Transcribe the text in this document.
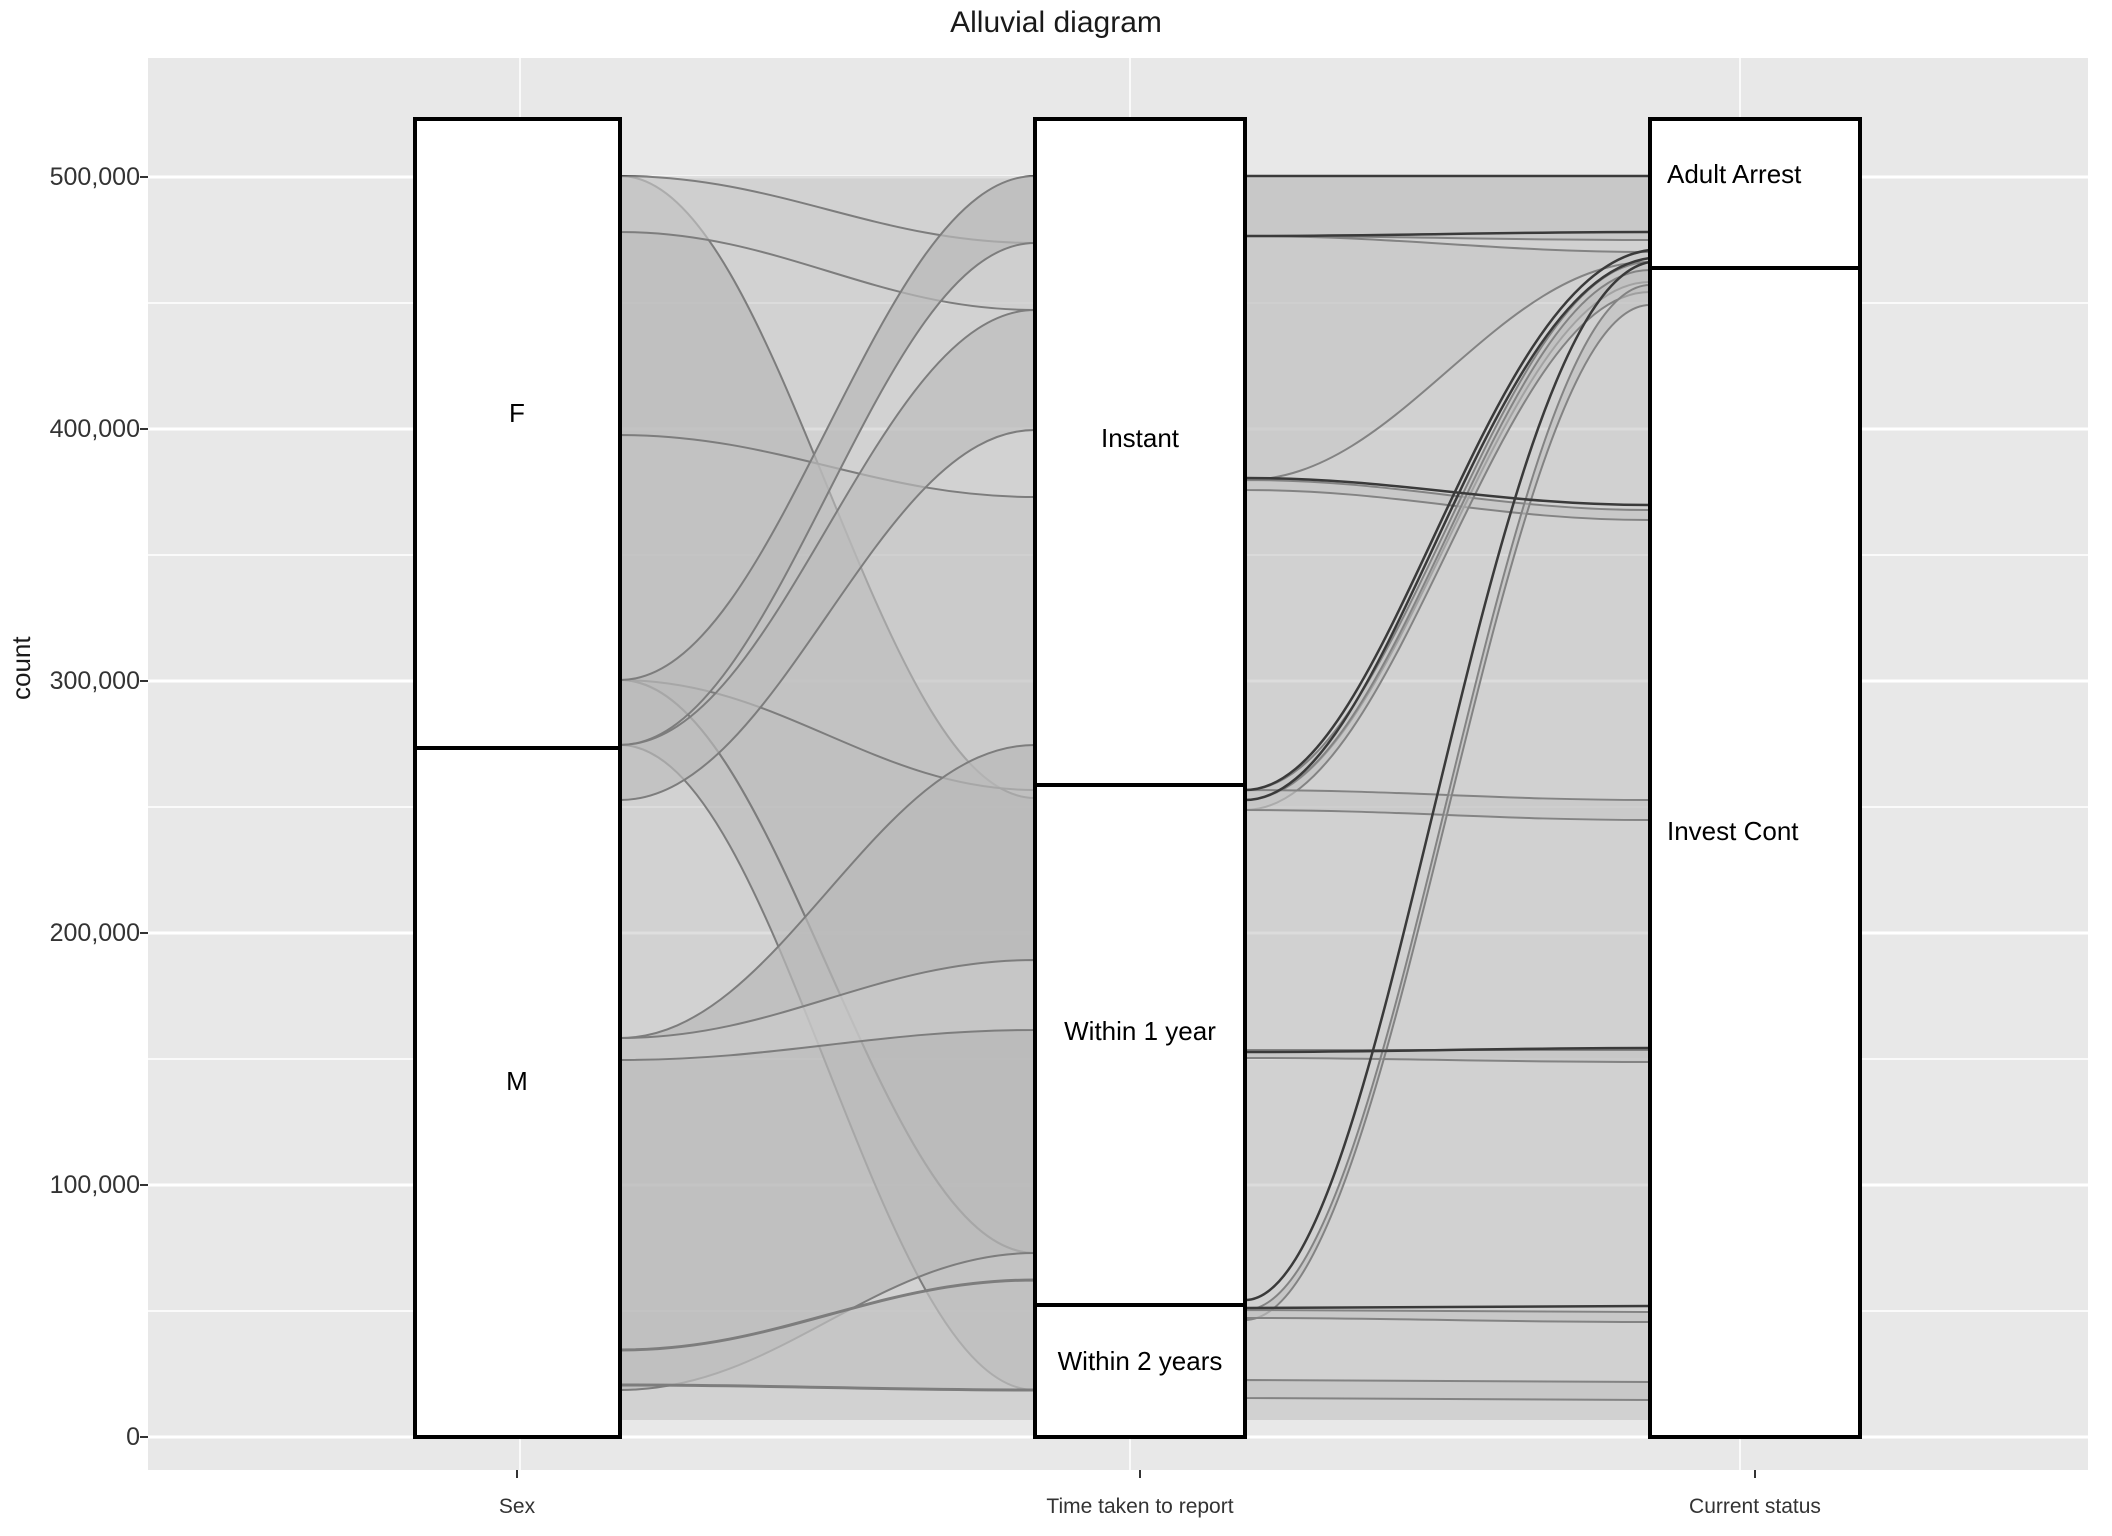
Alluvial diagram
count
500,000
400,000
300,000
200,000
100,000
0
F
M
Instant
Within 1 year
Within 2 years
Adult Arrest
Invest Cont
Sex	Time taken to report	Current status
